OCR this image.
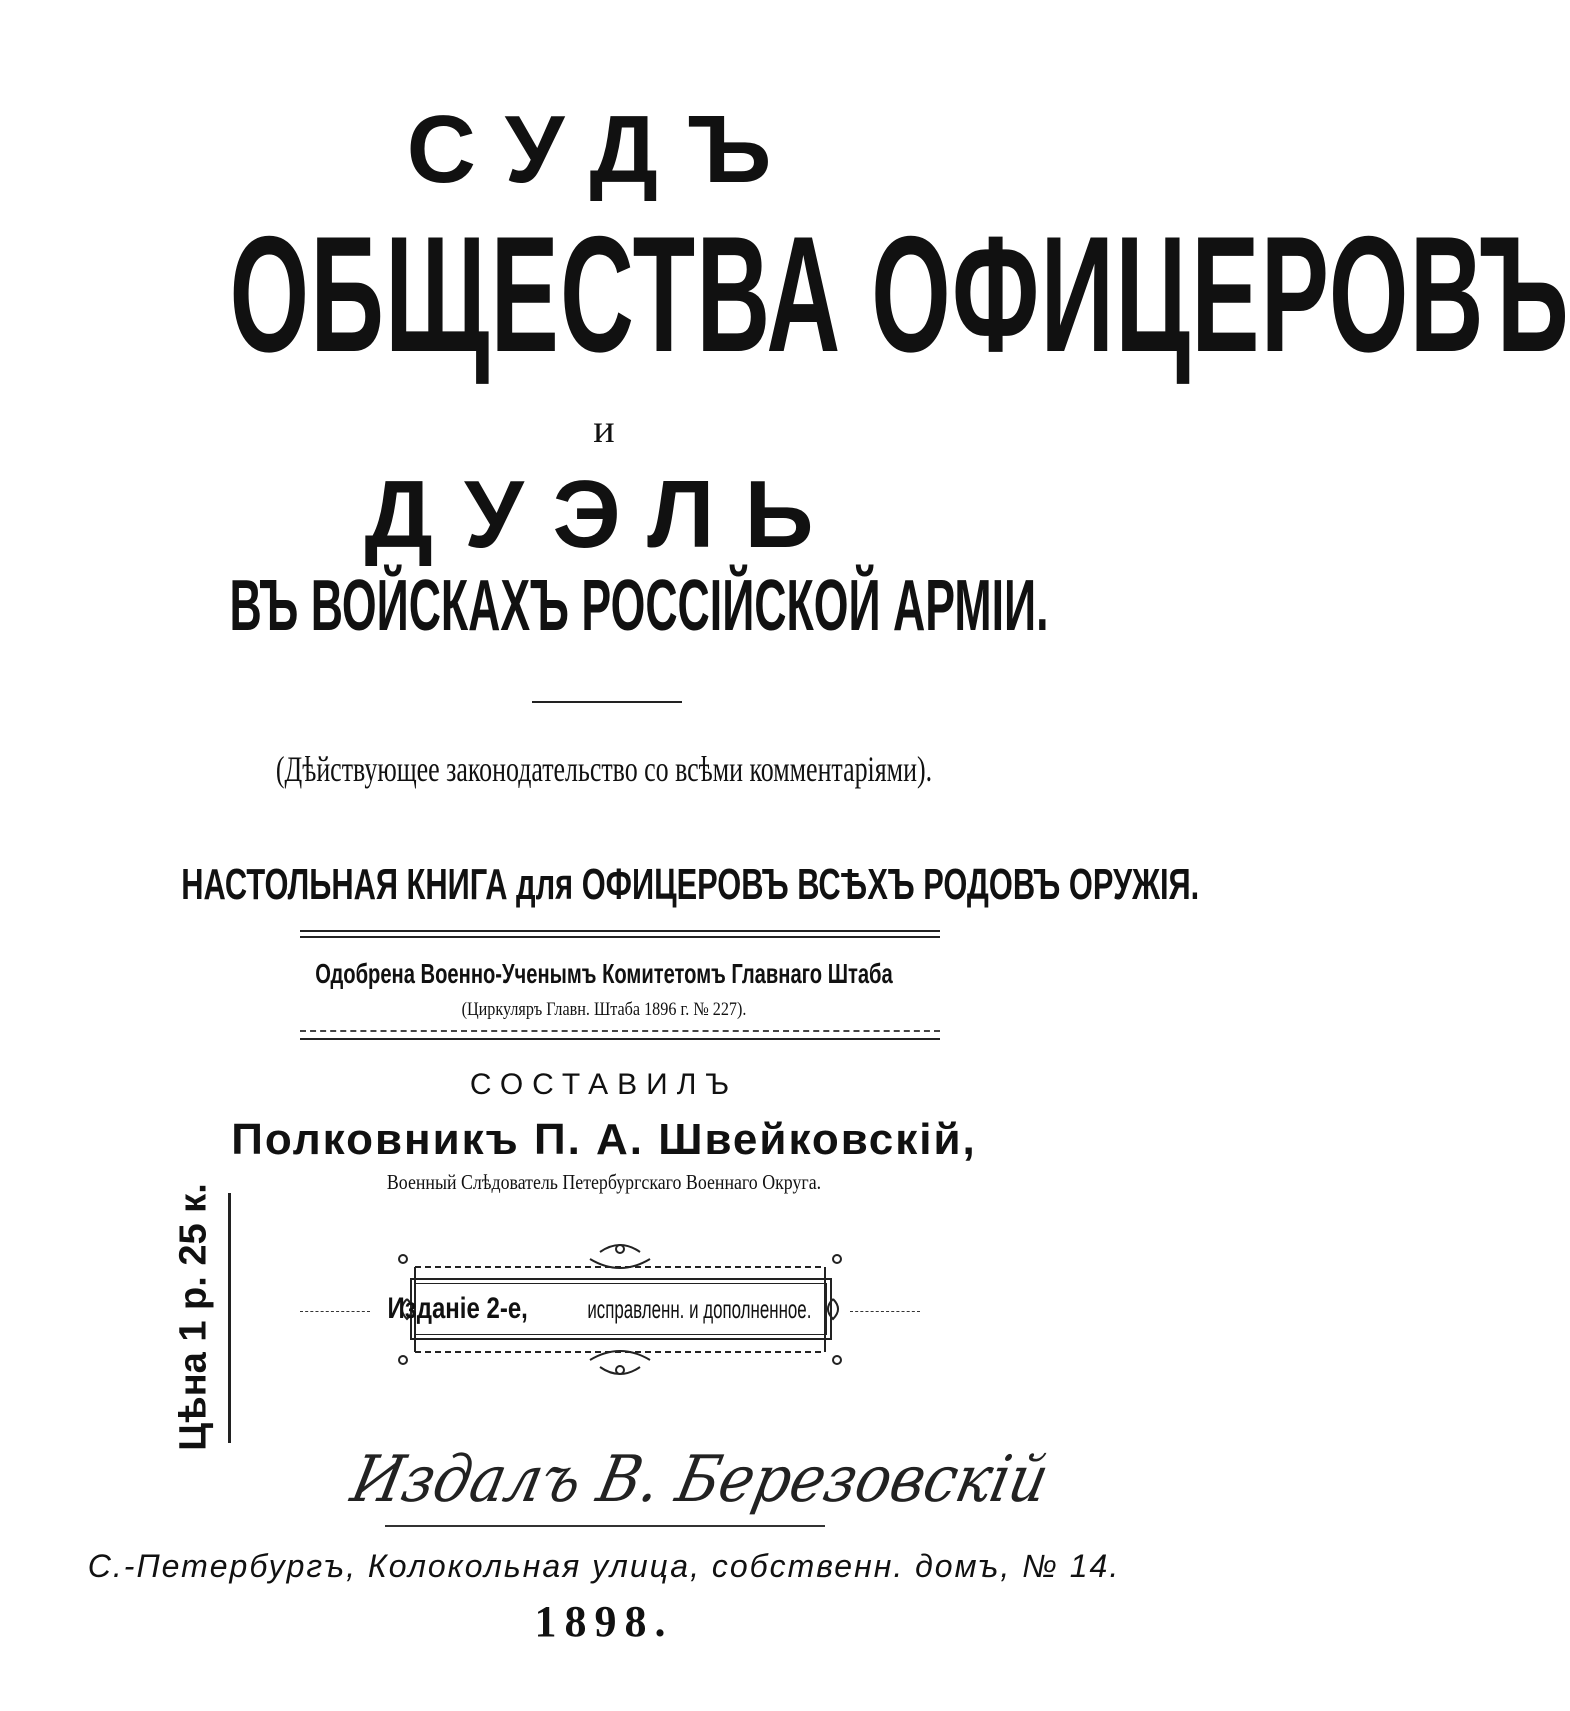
СУДЪ
ОБЩЕСТВА ОФИЦЕРОВЪ
и
ДУЭЛЬ
ВЪ ВОЙСКАХЪ РОССІЙСКОЙ АРМІИ.
(Дѣйствующее законодательство со всѣми комментаріями).
НАСТОЛЬНАЯ КНИГА для ОФИЦЕРОВЪ ВСѢХЪ РОДОВЪ ОРУЖІЯ.
Одобрена Военно-Ученымъ Комитетомъ Главнаго Штаба
(Циркуляръ Главн. Штаба 1896 г. № 227).
СОСТАВИЛЪ
Полковникъ П. А. Швейковскій,
Военный Слѣдователь Петербургскаго Военнаго Округа.
Цѣна 1 р. 25 к.	Изданіе 2-е, исправленн. и дополненное.
Издалъ В. Березовскій
С.-Петербургъ, Колокольная улица, собственн. домъ, № 14.
1898.
